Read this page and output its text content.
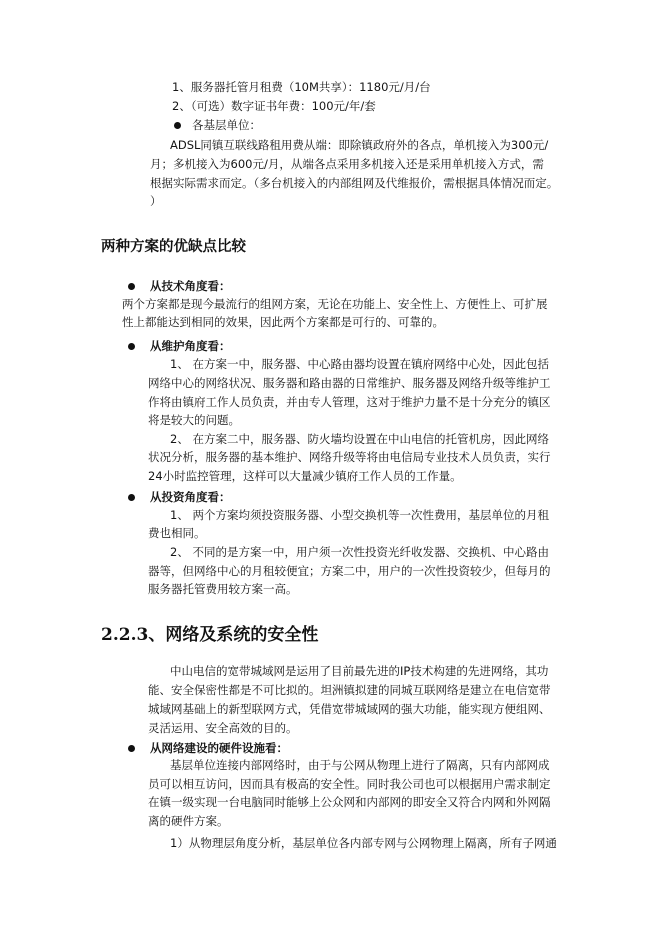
1、服务器托管月租费（10M共享）：1180元/月/台
2、（可选）数字证书年费：100元/年/套
各基层单位：
ADSL同镇互联线路租用费从端：即除镇政府外的各点，单机接入为300元/
月；多机接入为600元/月，从端各点采用多机接入还是采用单机接入方式，需
根据实际需求而定。（多台机接入的内部组网及代维报价，需根据具体情况而定。
）
两种方案的优缺点比较
从技术角度看：
两个方案都是现今最流行的组网方案，无论在功能上、安全性上、方便性上、可扩展
性上都能达到相同的效果，因此两个方案都是可行的、可靠的。
从维护角度看：
1、 在方案一中，服务器、中心路由器均设置在镇府网络中心处，因此包括
网络中心的网络状况、服务器和路由器的日常维护、服务器及网络升级等维护工
作将由镇府工作人员负责，并由专人管理，这对于维护力量不是十分充分的镇区
将是较大的问题。
2、 在方案二中，服务器、防火墙均设置在中山电信的托管机房，因此网络
状况分析，服务器的基本维护、网络升级等将由电信局专业技术人员负责，实行
24小时监控管理，这样可以大量减少镇府工作人员的工作量。
从投资角度看：
1、 两个方案均须投资服务器、小型交换机等一次性费用，基层单位的月租
费也相同。
2、 不同的是方案一中，用户须一次性投资光纤收发器、交换机、中心路由
器等，但网络中心的月租较便宜；方案二中，用户的一次性投资较少，但每月的
服务器托管费用较方案一高。
2.2.3、网络及系统的安全性
中山电信的宽带城域网是运用了目前最先进的IP技术构建的先进网络，其功
能、安全保密性都是不可比拟的。坦洲镇拟建的同城互联网络是建立在电信宽带
城域网基础上的新型联网方式，凭借宽带城域网的强大功能，能实现方便组网、
灵活运用、安全高效的目的。
从网络建设的硬件设施看：
基层单位连接内部网络时，由于与公网从物理上进行了隔离，只有内部网成
员可以相互访问，因而具有极高的安全性。同时我公司也可以根据用户需求制定
在镇一级实现一台电脑同时能够上公众网和内部网的即安全又符合内网和外网隔
离的硬件方案。
1）从物理层角度分析，基层单位各内部专网与公网物理上隔离，所有子网通
